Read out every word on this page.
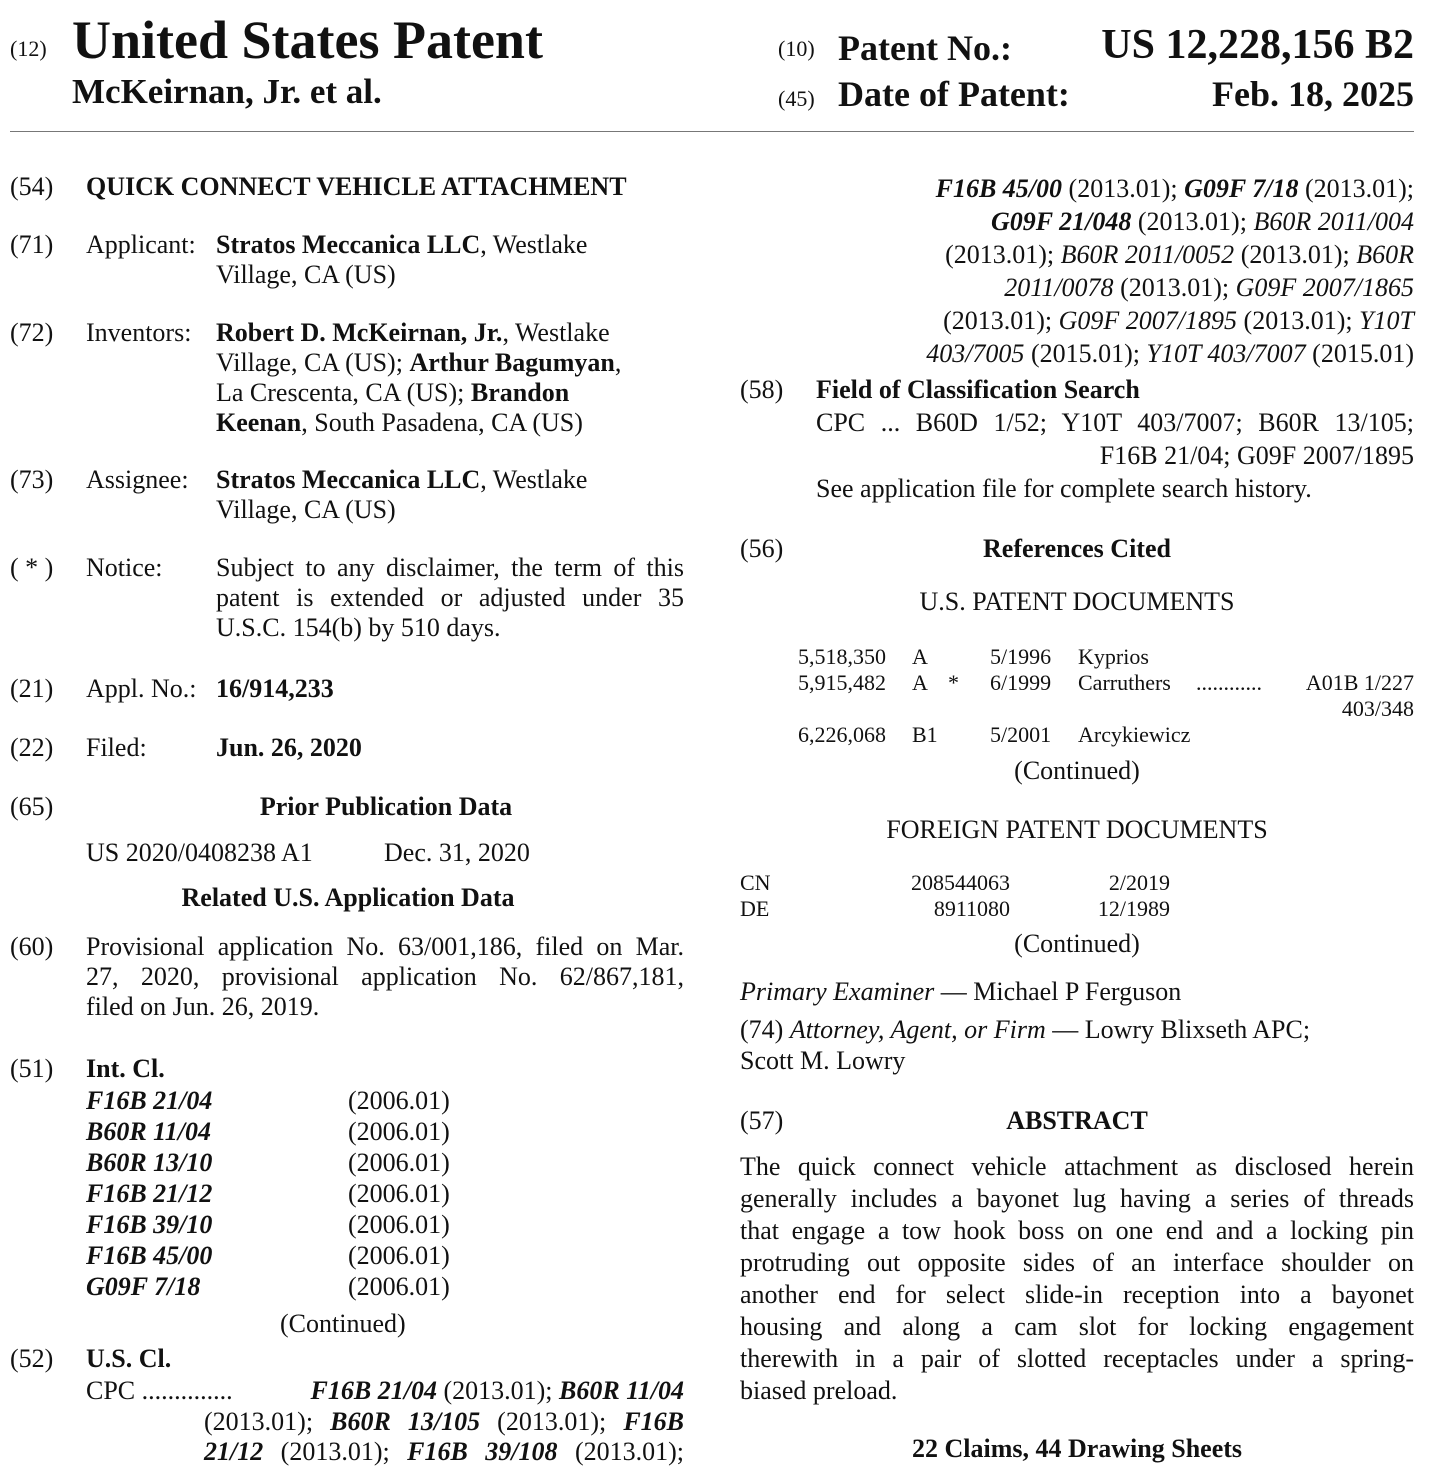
(12) United States Patent
McKeirnan, Jr. et al.
(10) Patent No.: US 12,228,156 B2
(45) Date of Patent:	Feb. 18, 2025
(54) QUICK CONNECT VEHICLE ATTACHMENT
(71) Applicant: Stratos Meccanica LLC, Westlake
Village, CA (US)
(72) Inventors: Robert D. McKeirnan, Jr., Westlake
Village, CA (US); Arthur Bagumyan,
La Crescenta, CA (US); Brandon
Keenan, South Pasadena, CA (US)
(73) Assignee: Stratos Meccanica LLC, Westlake
Village, CA (US)
( * ) Notice: Subject to any disclaimer, the term of this
patent is extended or adjusted under 35
U.S.C. 154(b) by 510 days.
(21) Appl. No.: 16/914,233
(22) Filed:	Jun. 26, 2020
(65)	Prior Publication Data
US 2020/0408238 A1	Dec. 31, 2020
Related U.S. Application Data
(60) Provisional application No. 63/001,186, filed on Mar.
27, 2020, provisional application No. 62/867,181,
filed on Jun. 26, 2019.
(51) Int. Cl.
F16B 21/04	(2006.01)
B60R 11/04	(2006.01)
B60R 13/10	(2006.01)
F16B 21/12	(2006.01)
F16B 39/10	(2006.01)
F16B 45/00	(2006.01)
G09F 7/18	(2006.01)
(Continued)
(52) U.S. Cl.
CPC ..............	F16B 21/04 (2013.01); B60R 11/04
(2013.01); B60R 13/105 (2013.01); F16B
21/12 (2013.01); F16B 39/108 (2013.01);
F16B 45/00 (2013.01); G09F 7/18 (2013.01);
G09F 21/048 (2013.01); B60R 2011/004
(2013.01); B60R 2011/0052 (2013.01); B60R
2011/0078 (2013.01); G09F 2007/1865
(2013.01); G09F 2007/1895 (2013.01); Y10T
403/7005 (2015.01); Y10T 403/7007 (2015.01)
(58) Field of Classification Search
CPC ... B60D 1/52; Y10T 403/7007; B60R 13/105;
F16B 21/04; G09F 2007/1895
See application file for complete search history.
(56)	References Cited
U.S. PATENT DOCUMENTS
5,518,350 A	5/1996 Kyprios
5,915,482 A * 6/1999 Carruthers ............ A01B 1/227
403/348
6,226,068 B1 5/2001 Arcykiewicz
(Continued)
FOREIGN PATENT DOCUMENTS
CN	208544063	2/2019
DE	8911080	12/1989
(Continued)
Primary Examiner — Michael P Ferguson
(74) Attorney, Agent, or Firm — Lowry Blixseth APC;
Scott M. Lowry
(57)	ABSTRACT
The quick connect vehicle attachment as disclosed herein
generally includes a bayonet lug having a series of threads
that engage a tow hook boss on one end and a locking pin
protruding out opposite sides of an interface shoulder on
another end for select slide-in reception into a bayonet
housing and along a cam slot for locking engagement
therewith in a pair of slotted receptacles under a spring-
biased preload.
22 Claims, 44 Drawing Sheets
